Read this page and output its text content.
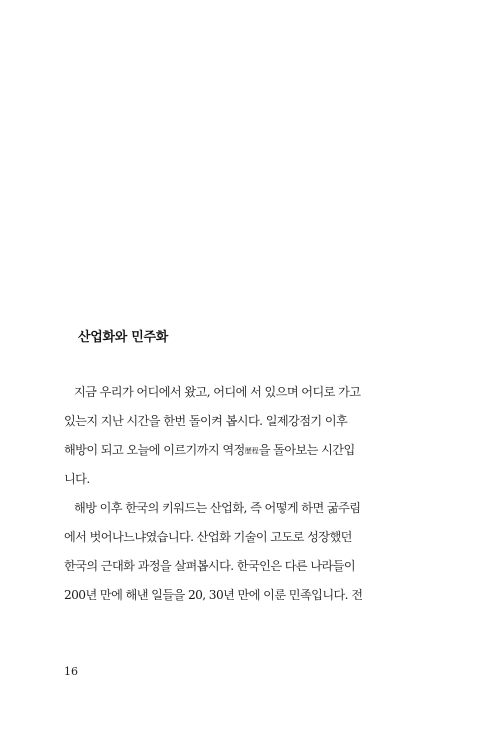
산업화와 민주화
지금 우리가 어디에서 왔고, 어디에 서 있으며 어디로 가고
있는지 지난 시간을 한번 돌이켜 봅시다. 일제강점기 이후
해방이 되고 오늘에 이르기까지 역정歷程을 돌아보는 시간입
니다.
해방 이후 한국의 키워드는 산업화, 즉 어떻게 하면 굶주림
에서 벗어나느냐였습니다. 산업화 기술이 고도로 성장했던
한국의 근대화 과정을 살펴봅시다. 한국인은 다른 나라들이
200년 만에 해낸 일들을 20, 30년 만에 이룬 민족입니다. 전
16
